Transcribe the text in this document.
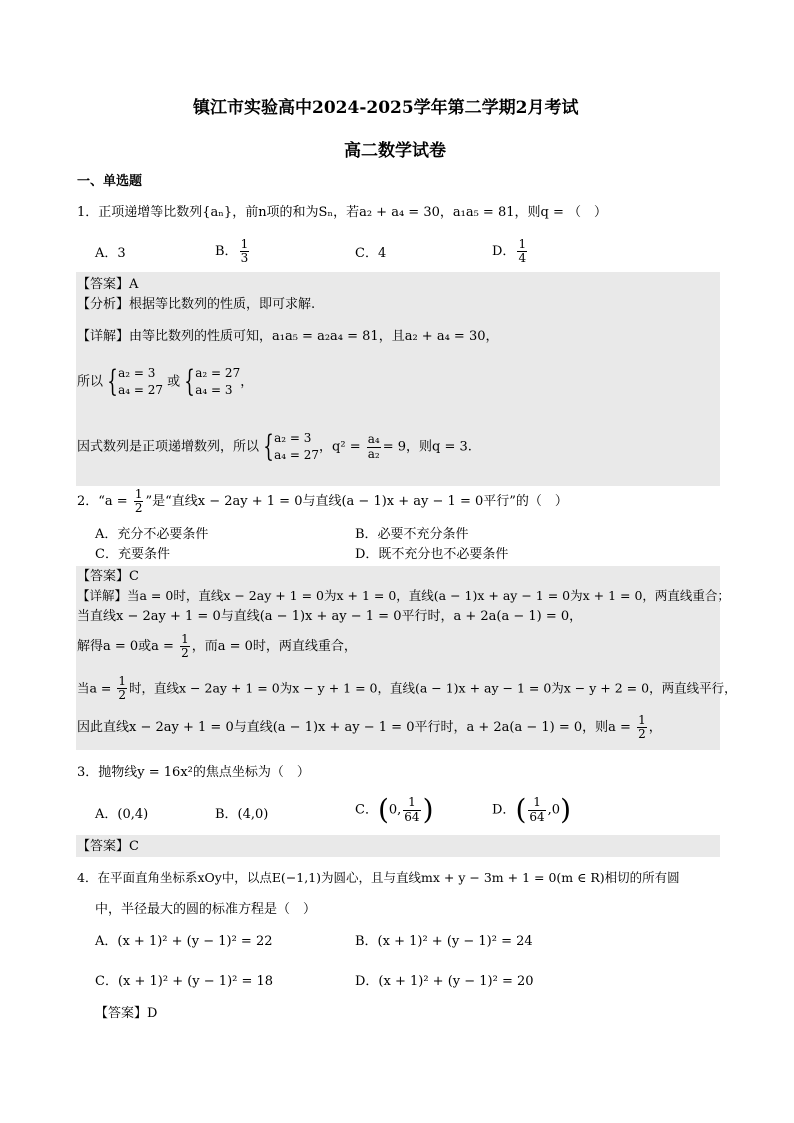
镇江市实验高中2024-2025学年第二学期2月考试
高二数学试卷
一、单选题
1．正项递增等比数列{aₙ}，前n项的和为Sₙ，若a₂ + a₄ = 30，a₁a₅ = 81，则q = （　）
A．3	B． $\frac{1}{3}$	C．4	D． $\frac{1}{4}$
【答案】A
【分析】根据等比数列的性质，即可求解.
【详解】由等比数列的性质可知，a₁a₅ = a₂a₄ = 81，且a₂ + a₄ = 30，
所以 {a₂ = 3
a₄ = 27 或 {a₂ = 27
a₄ = 3，
因式数列是正项递增数列，所以 {a₂ = 3
a₄ = 27，$q^2 = \frac{\text{a₄}}{\text{a₂}} = 9$，则q = 3.
2．“$a = \frac{1}{2}$ ”是“直线x − 2ay + 1 = 0与直线(a − 1)x + ay − 1 = 0平行”的（　）
A．充分不必要条件	B．必要不充分条件
C．充要条件	D．既不充分也不必要条件
【答案】C
【详解】当a = 0时，直线x − 2ay + 1 = 0为x + 1 = 0，直线(a − 1)x + ay − 1 = 0为x + 1 = 0，两直线重合；
当直线x − 2ay + 1 = 0与直线(a − 1)x + ay − 1 = 0平行时，a + 2a(a − 1) = 0，
解得a = 0或$a = \frac{1}{2}$ ，而a = 0时，两直线重合，
当$a = \frac{1}{2}$ 时，直线x − 2ay + 1 = 0为x − y + 1 = 0，直线(a − 1)x + ay − 1 = 0为x − y + 2 = 0，两直线平行，
因此直线x − 2ay + 1 = 0与直线(a − 1)x + ay − 1 = 0平行时，a + 2a(a − 1) = 0，则$a = \frac{1}{2}$ ，
3．抛物线y = 16x²的焦点坐标为（　）
A．(0,4)	B．(4,0)	C．(0, $\frac{1}{64}$ )	D．( $\frac{1}{64} ,0$)
【答案】C
4．在平面直角坐标系xOy中，以点E(−1,1)为圆心，且与直线mx + y − 3m + 1 = 0(m ∈ R)相切的所有圆
中，半径最大的圆的标准方程是（　）
A．(x + 1)² + (y − 1)² = 22	B．(x + 1)² + (y − 1)² = 24
C．(x + 1)² + (y − 1)² = 18	D．(x + 1)² + (y − 1)² = 20
【答案】D
